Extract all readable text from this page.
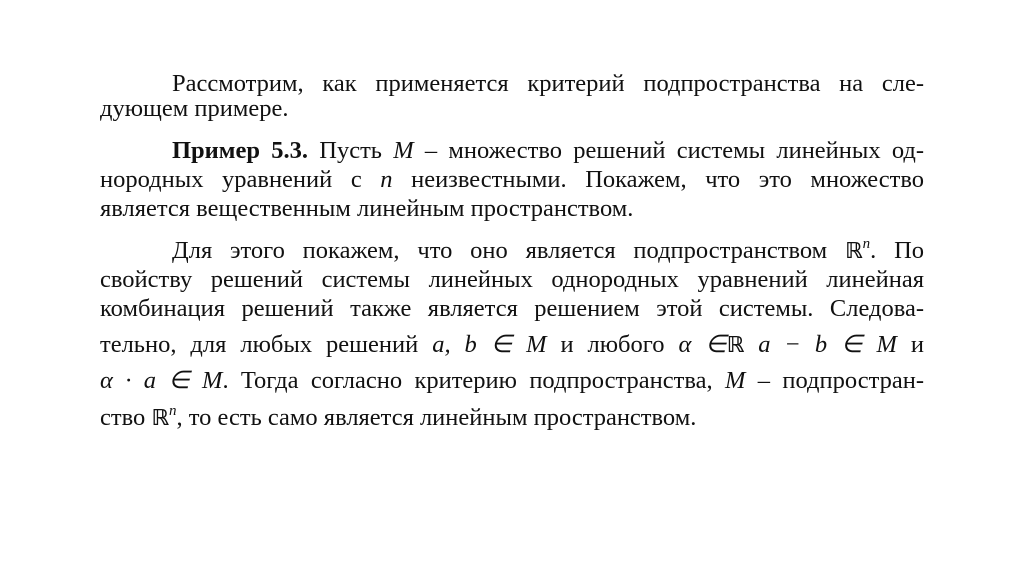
Рассмотрим, как применяется критерий подпространства на сле-

дующем примере.

Пример 5.3. Пусть M – множество решений системы линейных од-

нородных уравнений с n неизвестными. Покажем, что это множество

является вещественным линейным пространством.

Для этого покажем, что оно является подпространством ℝ$^n$. По

свойству решений системы линейных однородных уравнений линейная

комбинация решений также является решением этой системы. Следова-

тельно, для любых решений a, b ∈ M и любого α ∈ℝ a − b ∈ M и

α · a ∈ M. Тогда согласно критерию подпространства, M – подпростран-

ство ℝ$^n$, то есть само является линейным пространством.
